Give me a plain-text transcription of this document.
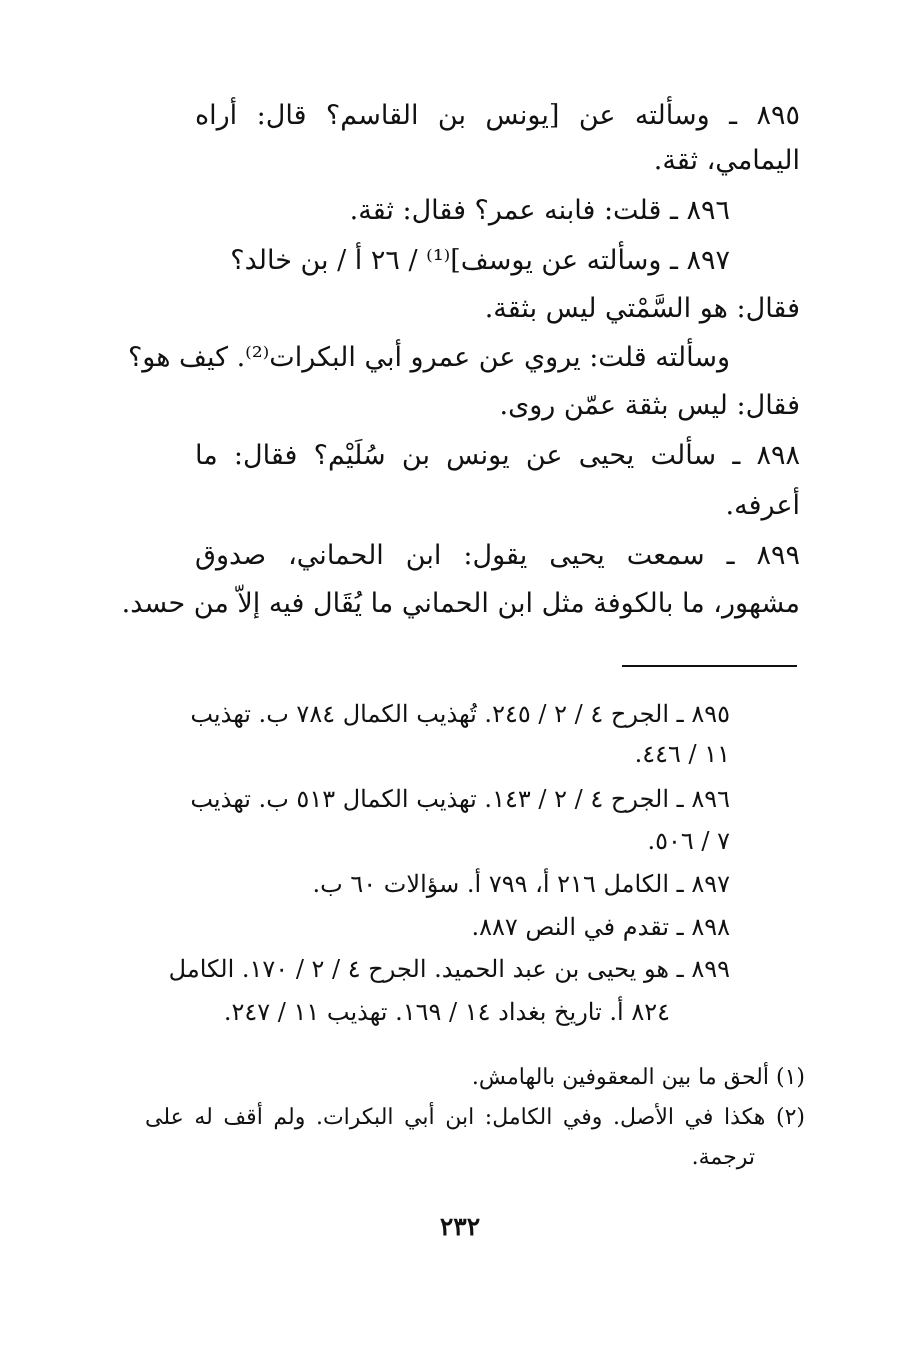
٨٩٥ ـ وسألته عن [يونس بن القاسم؟ قال: أراه
اليمامي، ثقة.
٨٩٦ ـ قلت: فابنه عمر؟ فقال: ثقة.
٨٩٧ ـ وسألته عن يوسف]⁽¹⁾ / ٢٦ أ / بن خالد؟
فقال: هو السَّمْتي ليس بثقة.
وسألته قلت: يروي عن عمرو أبي البكرات⁽²⁾. كيف هو؟
فقال: ليس بثقة عمّن روى.
٨٩٨ ـ سألت يحيى عن يونس بن سُلَيْم؟ فقال: ما
أعرفه.
٨٩٩ ـ سمعت يحيى يقول: ابن الحماني، صدوق
مشهور، ما بالكوفة مثل ابن الحماني ما يُقَال فيه إلاّ من حسد.
٨٩٥ ـ الجرح ٤ / ٢ / ٢٤٥. تُهذيب الكمال ٧٨٤ ب. تهذيب
١١ / ٤٤٦.
٨٩٦ ـ الجرح ٤ / ٢ / ١٤٣. تهذيب الكمال ٥١٣ ب. تهذيب
٧ / ٥٠٦.
٨٩٧ ـ الكامل ٢١٦ أ، ٧٩٩ أ. سؤالات ٦٠ ب.
٨٩٨ ـ تقدم في النص ٨٨٧.
٨٩٩ ـ هو يحيى بن عبد الحميد. الجرح ٤ / ٢ / ١٧٠. الكامل
٨٢٤ أ. تاريخ بغداد ١٤ / ١٦٩. تهذيب ١١ / ٢٤٧.
(١) ألحق ما بين المعقوفين بالهامش.
(٢) هكذا في الأصل. وفي الكامل: ابن أبي البكرات. ولم أقف له على
ترجمة.
٢٣٢
